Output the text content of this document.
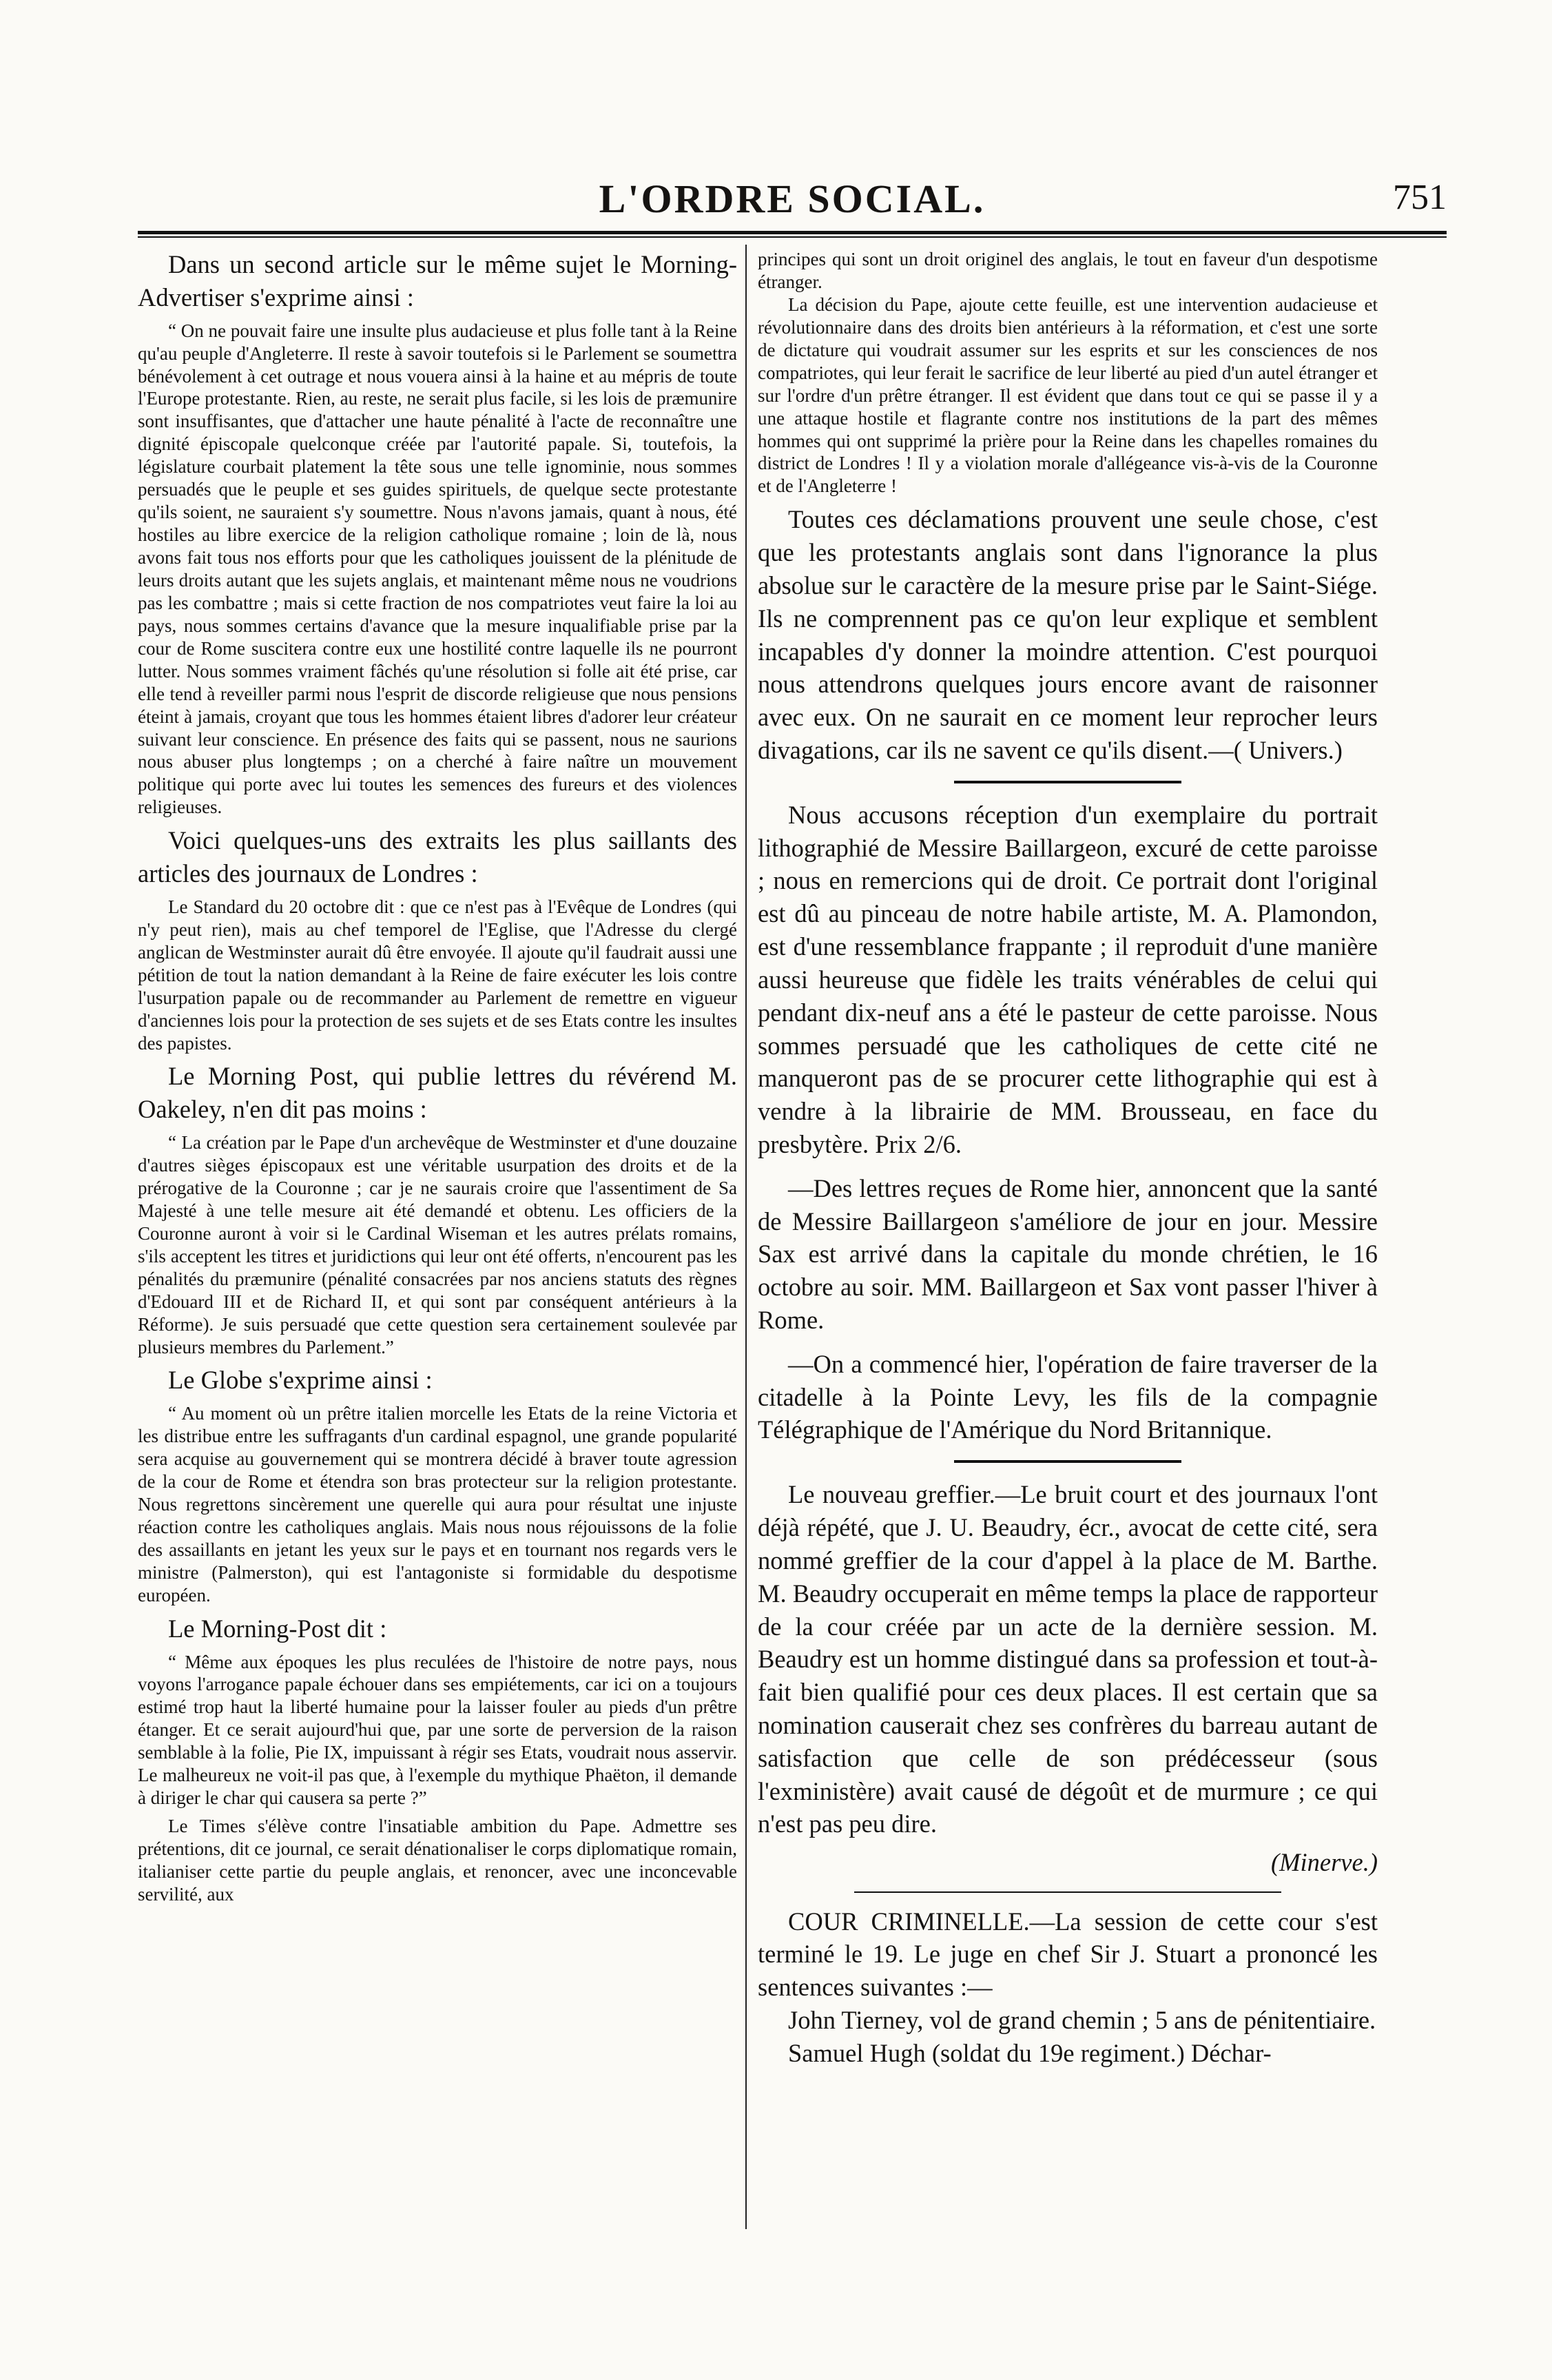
L'ORDRE SOCIAL.	751

Dans un second article sur le même sujet le Morning-Advertiser s'exprime ainsi :

“ On ne pouvait faire une insulte plus audacieuse et plus folle tant à la Reine qu'au peuple d'Angleterre. Il reste à savoir toutefois si le Parlement se soumettra bénévolement à cet outrage et nous vouera ainsi à la haine et au mépris de toute l'Europe protestante. Rien, au reste, ne serait plus facile, si les lois de præmunire sont insuffisantes, que d'attacher une haute pénalité à l'acte de reconnaître une dignité épiscopale quelconque créée par l'autorité papale. Si, toutefois, la législature courbait platement la tête sous une telle ignominie, nous sommes persuadés que le peuple et ses guides spirituels, de quelque secte protestante qu'ils soient, ne sauraient s'y soumettre. Nous n'avons jamais, quant à nous, été hostiles au libre exercice de la religion catholique romaine ; loin de là, nous avons fait tous nos efforts pour que les catholiques jouissent de la plénitude de leurs droits autant que les sujets anglais, et maintenant même nous ne voudrions pas les combattre ; mais si cette fraction de nos compatriotes veut faire la loi au pays, nous sommes certains d'avance que la mesure inqualifiable prise par la cour de Rome suscitera contre eux une hostilité contre laquelle ils ne pourront lutter. Nous sommes vraiment fâchés qu'une résolution si folle ait été prise, car elle tend à reveiller parmi nous l'esprit de discorde religieuse que nous pensions éteint à jamais, croyant que tous les hommes étaient libres d'adorer leur créateur suivant leur conscience. En présence des faits qui se passent, nous ne saurions nous abuser plus longtemps ; on a cherché à faire naître un mouvement politique qui porte avec lui toutes les semences des fureurs et des violences religieuses.

Voici quelques-uns des extraits les plus saillants des articles des journaux de Londres :

Le Standard du 20 octobre dit : que ce n'est pas à l'Evêque de Londres (qui n'y peut rien), mais au chef temporel de l'Eglise, que l'Adresse du clergé anglican de Westminster aurait dû être envoyée. Il ajoute qu'il faudrait aussi une pétition de tout la nation demandant à la Reine de faire exécuter les lois contre l'usurpation papale ou de recommander au Parlement de remettre en vigueur d'anciennes lois pour la protection de ses sujets et de ses Etats contre les insultes des papistes.

Le Morning Post, qui publie lettres du révérend M. Oakeley, n'en dit pas moins :

“ La création par le Pape d'un archevêque de Westminster et d'une douzaine d'autres sièges épiscopaux est une véritable usurpation des droits et de la prérogative de la Couronne ; car je ne saurais croire que l'assentiment de Sa Majesté à une telle mesure ait été demandé et obtenu. Les officiers de la Couronne auront à voir si le Cardinal Wiseman et les autres prélats romains, s'ils acceptent les titres et juridictions qui leur ont été offerts, n'encourent pas les pénalités du præmunire (pénalité consacrées par nos anciens statuts des règnes d'Edouard III et de Richard II, et qui sont par conséquent antérieurs à la Réforme). Je suis persuadé que cette question sera certainement soulevée par plusieurs membres du Parlement.”

Le Globe s'exprime ainsi :

“ Au moment où un prêtre italien morcelle les Etats de la reine Victoria et les distribue entre les suffragants d'un cardinal espagnol, une grande popularité sera acquise au gouvernement qui se montrera décidé à braver toute agression de la cour de Rome et étendra son bras protecteur sur la religion protestante. Nous regrettons sincèrement une querelle qui aura pour résultat une injuste réaction contre les catholiques anglais. Mais nous nous réjouissons de la folie des assaillants en jetant les yeux sur le pays et en tournant nos regards vers le ministre (Palmerston), qui est l'antagoniste si formidable du despotisme européen.

Le Morning-Post dit :

“ Même aux époques les plus reculées de l'histoire de notre pays, nous voyons l'arrogance papale échouer dans ses empiétements, car ici on a toujours estimé trop haut la liberté humaine pour la laisser fouler au pieds d'un prêtre étanger. Et ce serait aujourd'hui que, par une sorte de perversion de la raison semblable à la folie, Pie IX, impuissant à régir ses Etats, voudrait nous asservir. Le malheureux ne voit-il pas que, à l'exemple du mythique Phaëton, il demande à diriger le char qui causera sa perte ?”

Le Times s'élève contre l'insatiable ambition du Pape. Admettre ses prétentions, dit ce journal, ce serait dénationaliser le corps diplomatique romain, italianiser cette partie du peuple anglais, et renoncer, avec une inconcevable servilité, aux

principes qui sont un droit originel des anglais, le tout en faveur d'un despotisme étranger.

La décision du Pape, ajoute cette feuille, est une intervention audacieuse et révolutionnaire dans des droits bien antérieurs à la réformation, et c'est une sorte de dictature qui voudrait assumer sur les esprits et sur les consciences de nos compatriotes, qui leur ferait le sacrifice de leur liberté au pied d'un autel étranger et sur l'ordre d'un prêtre étranger. Il est évident que dans tout ce qui se passe il y a une attaque hostile et flagrante contre nos institutions de la part des mêmes hommes qui ont supprimé la prière pour la Reine dans les chapelles romaines du district de Londres ! Il y a violation morale d'allégeance vis-à-vis de la Couronne et de l'Angleterre !

Toutes ces déclamations prouvent une seule chose, c'est que les protestants anglais sont dans l'ignorance la plus absolue sur le caractère de la mesure prise par le Saint-Siége. Ils ne comprennent pas ce qu'on leur explique et semblent incapables d'y donner la moindre attention. C'est pourquoi nous attendrons quelques jours encore avant de raisonner avec eux. On ne saurait en ce moment leur reprocher leurs divagations, car ils ne savent ce qu'ils disent.—( Univers.)

Nous accusons réception d'un exemplaire du portrait lithographié de Messire Baillargeon, excuré de cette paroisse ; nous en remercions qui de droit. Ce portrait dont l'original est dû au pinceau de notre habile artiste, M. A. Plamondon, est d'une ressemblance frappante ; il reproduit d'une manière aussi heureuse que fidèle les traits vénérables de celui qui pendant dix-neuf ans a été le pasteur de cette paroisse. Nous sommes persuadé que les catholiques de cette cité ne manqueront pas de se procurer cette lithographie qui est à vendre à la librairie de MM. Brousseau, en face du presbytère. Prix 2/6.

—Des lettres reçues de Rome hier, annoncent que la santé de Messire Baillargeon s'améliore de jour en jour. Messire Sax est arrivé dans la capitale du monde chrétien, le 16 octobre au soir. MM. Baillargeon et Sax vont passer l'hiver à Rome.

—On a commencé hier, l'opération de faire traverser de la citadelle à la Pointe Levy, les fils de la compagnie Télégraphique de l'Amérique du Nord Britannique.

Le nouveau greffier.—Le bruit court et des journaux l'ont déjà répété, que J. U. Beaudry, écr., avocat de cette cité, sera nommé greffier de la cour d'appel à la place de M. Barthe. M. Beaudry occuperait en même temps la place de rapporteur de la cour créée par un acte de la dernière session. M. Beaudry est un homme distingué dans sa profession et tout-à-fait bien qualifié pour ces deux places. Il est certain que sa nomination causerait chez ses confrères du barreau autant de satisfaction que celle de son prédécesseur (sous l'exministère) avait causé de dégoût et de murmure ; ce qui n'est pas peu dire.

(Minerve.)

COUR CRIMINELLE.—La session de cette cour s'est terminé le 19. Le juge en chef Sir J. Stuart a prononcé les sentences suivantes :—

John Tierney, vol de grand chemin ; 5 ans de pénitentiaire.

Samuel Hugh (soldat du 19e regiment.) Déchar-
